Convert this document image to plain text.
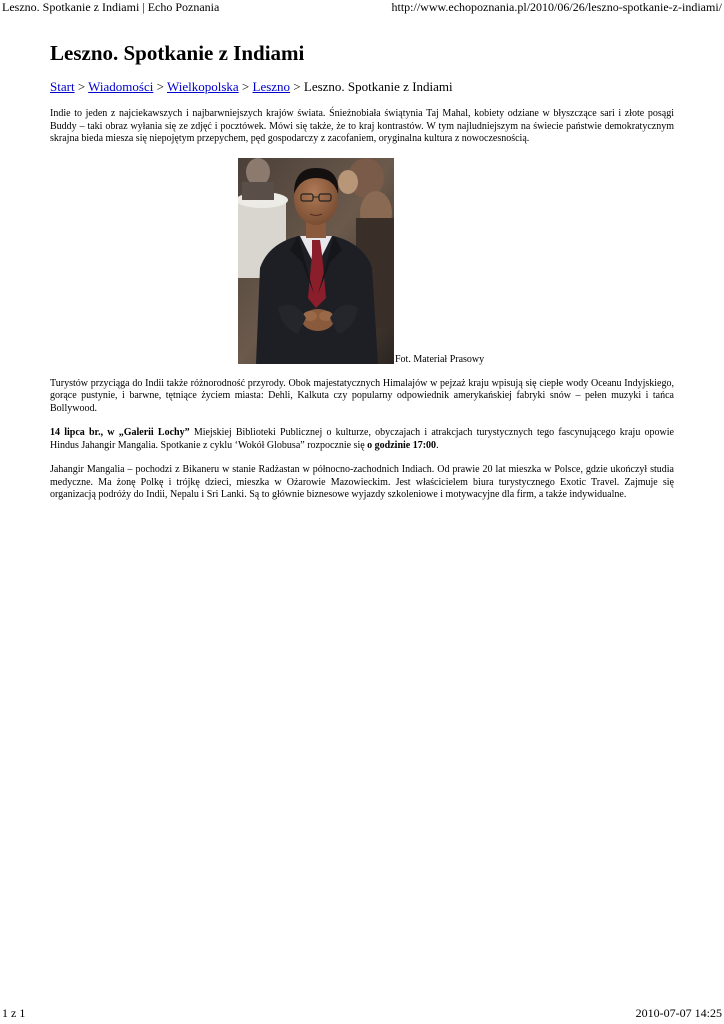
Leszno. Spotkanie z Indiami | Echo Poznania	http://www.echopoznania.pl/2010/06/26/leszno-spotkanie-z-indiami/
Leszno. Spotkanie z Indiami
Start > Wiadomości > Wielkopolska > Leszno > Leszno. Spotkanie z Indiami

Indie to jeden z najciekawszych i najbarwniejszych krajów świata. Śnieżnobiała świątynia Taj Mahal, kobiety odziane w błyszczące sari i złote posągi Buddy – taki obraz wyłania się ze zdjęć i pocztówek. Mówi się także, że to kraj kontrastów. W tym najludniejszym na świecie państwie demokratycznym skrajna bieda miesza się niepojętym przepychem, pęd gospodarczy z zacofaniem, oryginalna kultura z nowoczesnością.

Fot. Materiał Prasowy

Turystów przyciąga do Indii także różnorodność przyrody. Obok majestatycznych Himalajów w pejzaż kraju wpisują się ciepłe wody Oceanu Indyjskiego, gorące pustynie, i barwne, tętniące życiem miasta: Dehli, Kalkuta czy popularny odpowiednik amerykańskiej fabryki snów – pełen muzyki i tańca Bollywood.

14 lipca br., w „Galerii Lochy” Miejskiej Biblioteki Publicznej o kulturze, obyczajach i atrakcjach turystycznych tego fascynującego kraju opowie Hindus Jahangir Mangalia. Spotkanie z cyklu ‘Wokół Globusa” rozpocznie się o godzinie 17:00.

Jahangir Mangalia – pochodzi z Bikaneru w stanie Radżastan w północno-zachodnich Indiach. Od prawie 20 lat mieszka w Polsce, gdzie ukończył studia medyczne. Ma żonę Polkę i trójkę dzieci, mieszka w Ożarowie Mazowieckim. Jest właścicielem biura turystycznego Exotic Travel. Zajmuje się organizacją podróży do Indii, Nepalu i Sri Lanki. Są to głównie biznesowe wyjazdy szkoleniowe i motywacyjne dla firm, a także indywidualne.

1 z 1	2010-07-07 14:25
